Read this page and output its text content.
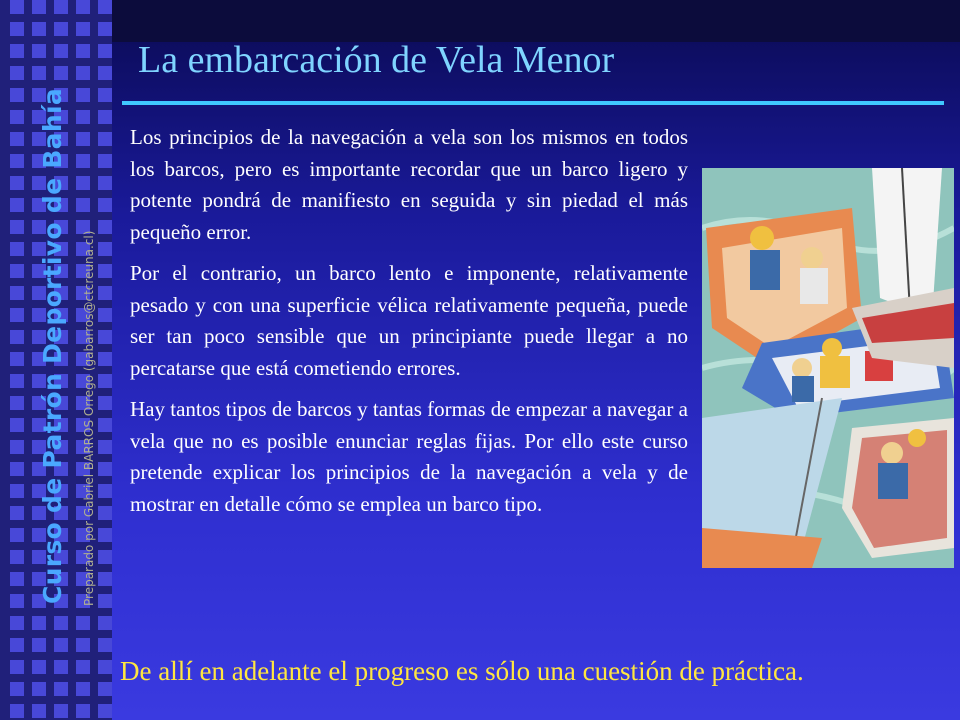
Curso de Patrón Deportivo de Bahía Preparado por Gabriel BARROS Orrego (gabarros@ctcreuna.cl)
La embarcación de Vela Menor

Los principios de la navegación a vela son los mismos en todos los barcos, pero es importante recordar que un barco ligero y potente pondrá de manifiesto en seguida y sin piedad el más pequeño error.

Por el contrario, un barco lento e imponente, relativamente pesado y con una superficie vélica relativamente pequeña, puede ser tan poco sensible que un principiante puede llegar a no percatarse que está cometiendo errores.

Hay tantos tipos de barcos y tantas formas de empezar a navegar a vela que no es posible enunciar reglas fijas. Por ello este curso pretende explicar los principios de la navegación a vela y de mostrar en detalle cómo se emplea un barco tipo.

De allí en adelante el progreso es sólo una cuestión de práctica.
